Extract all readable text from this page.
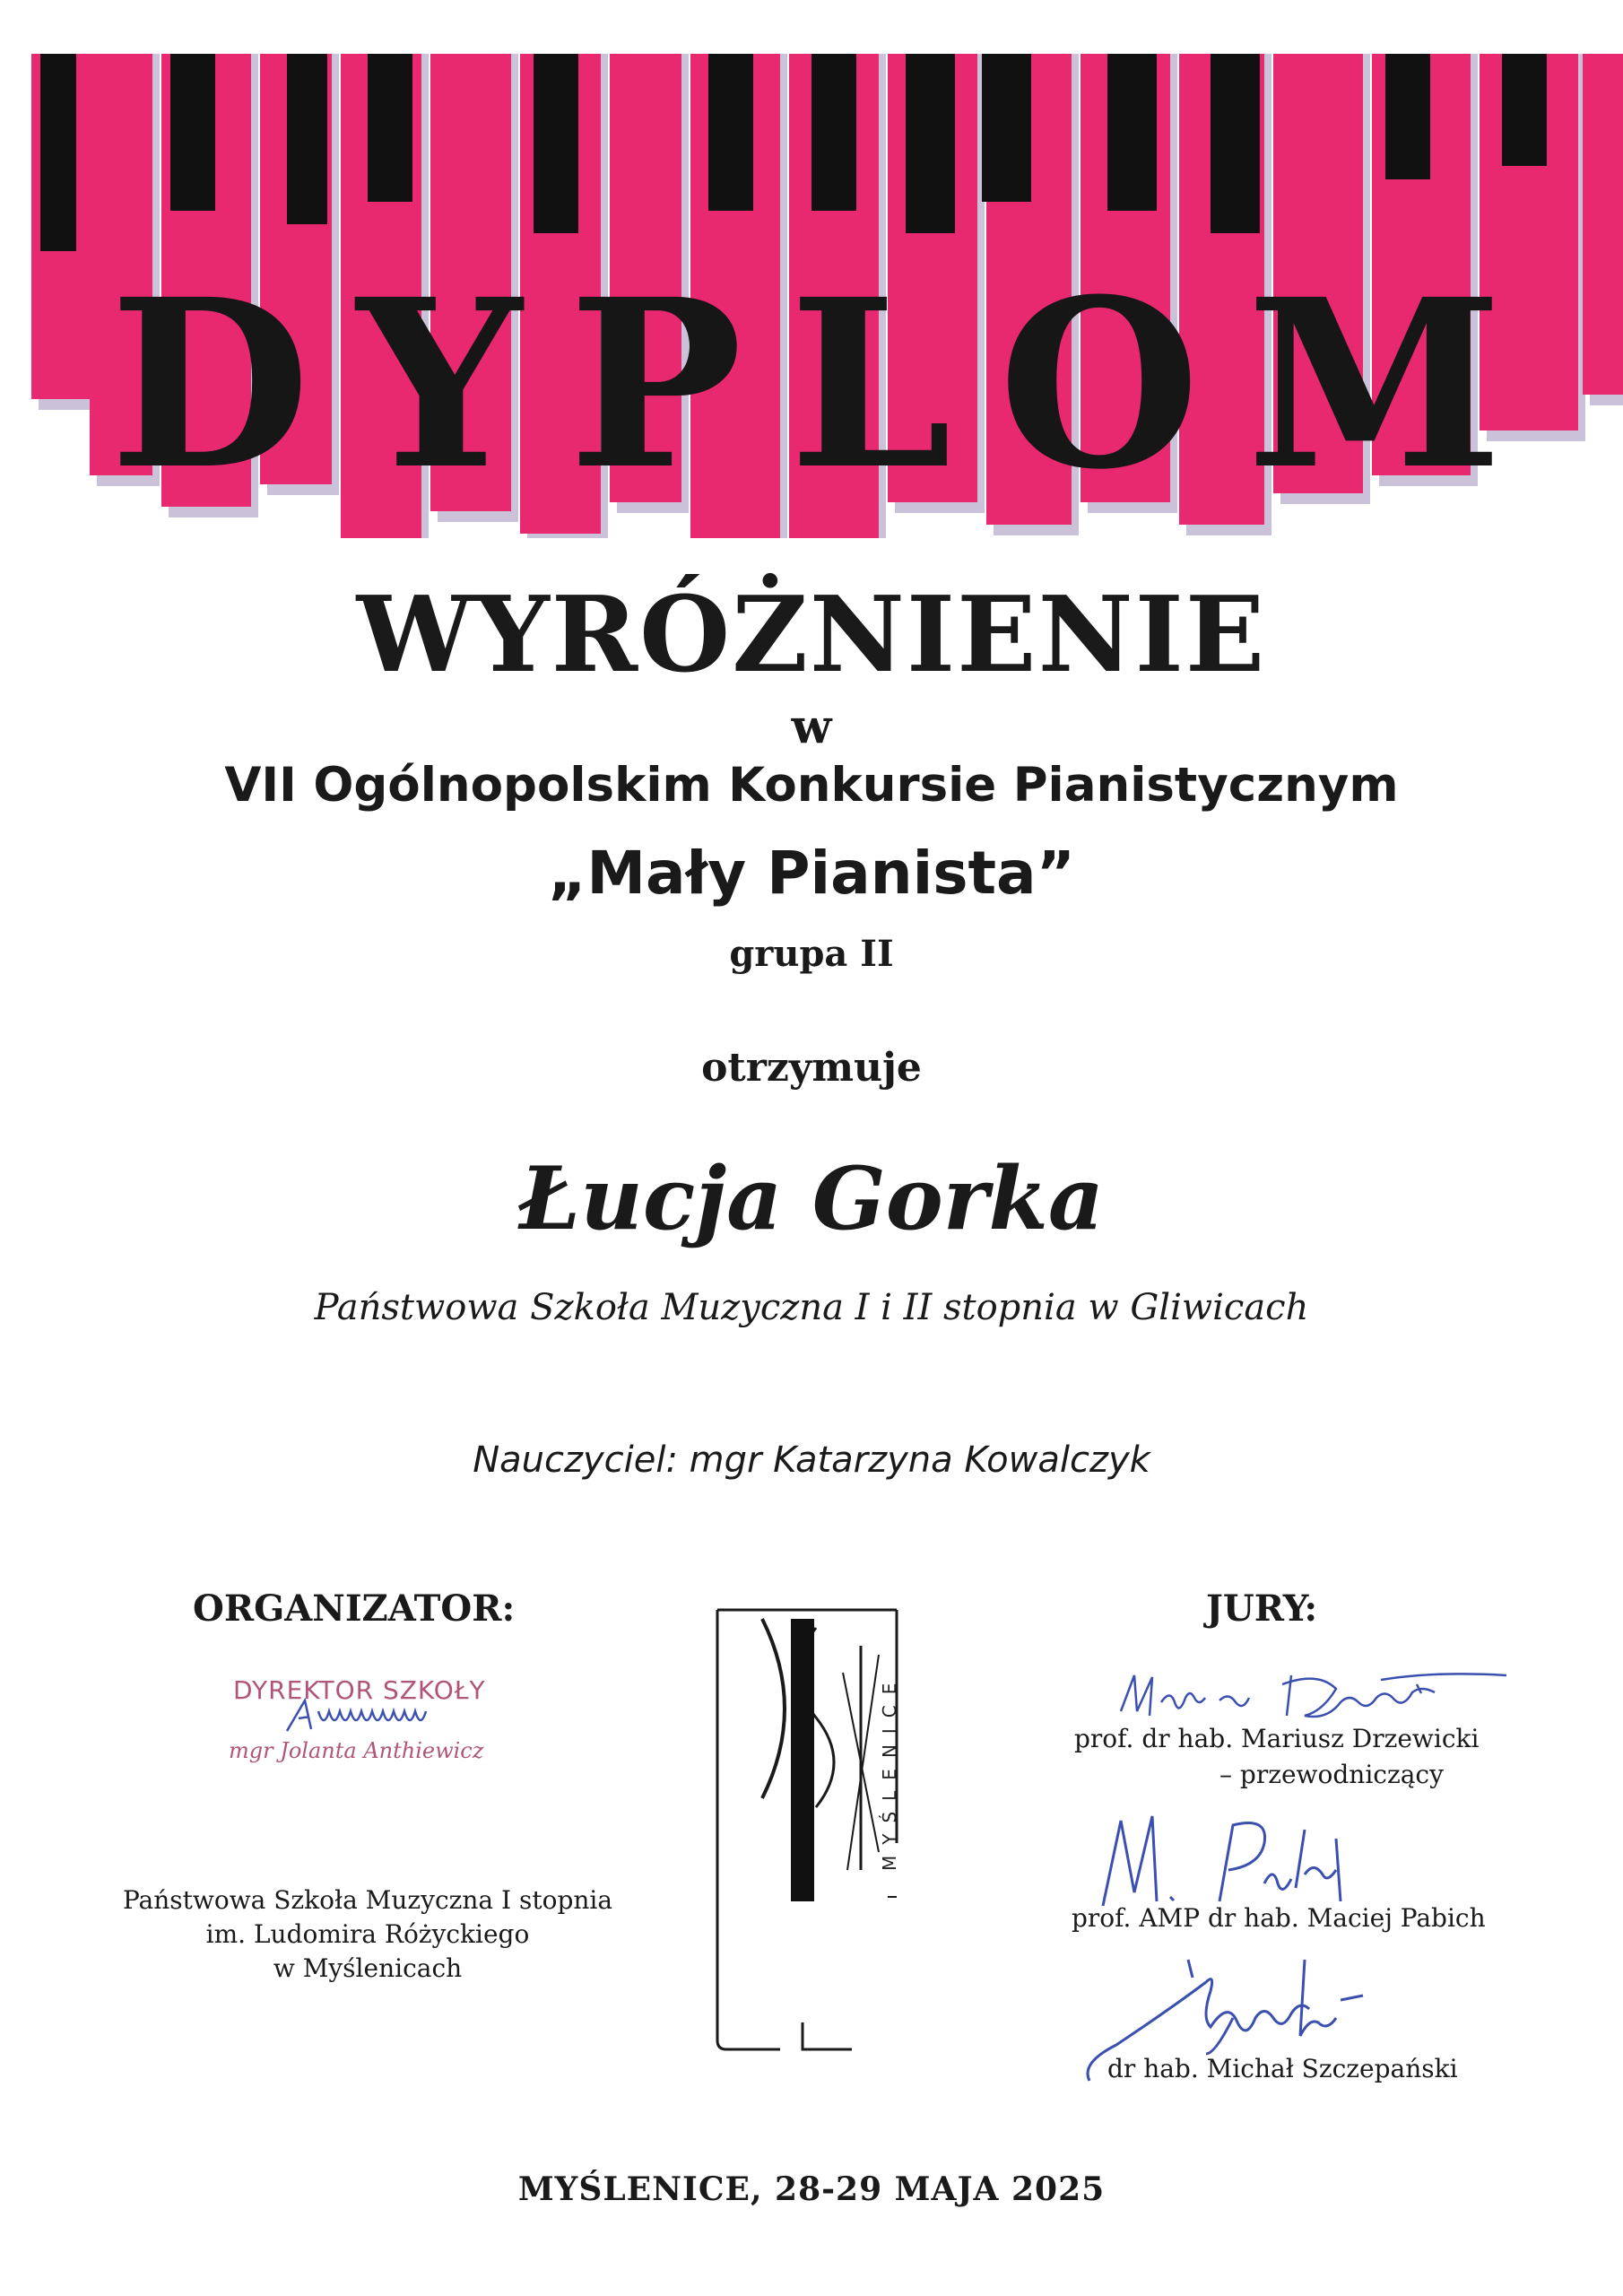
DYPLOM
WYRÓŻNIENIE
w
VII Ogólnopolskim Konkursie Pianistycznym
„Mały Pianista”
grupa II
otrzymuje
Łucja Gorka
Państwowa Szkoła Muzyczna I i II stopnia w Gliwicach
Nauczyciel: mgr Katarzyna Kowalczyk
ORGANIZATOR:
DYREKTOR SZKOŁY
mgr Jolanta Anthiewicz
Państwowa Szkoła Muzyczna I stopnia
im. Ludomira Różyckiego
w Myślenicach
MYŚLENICE
JURY:
prof. dr hab. Mariusz Drzewicki
– przewodniczący
prof. AMP dr hab. Maciej Pabich
dr hab. Michał Szczepański
MYŚLENICE, 28-29 MAJA 2025
